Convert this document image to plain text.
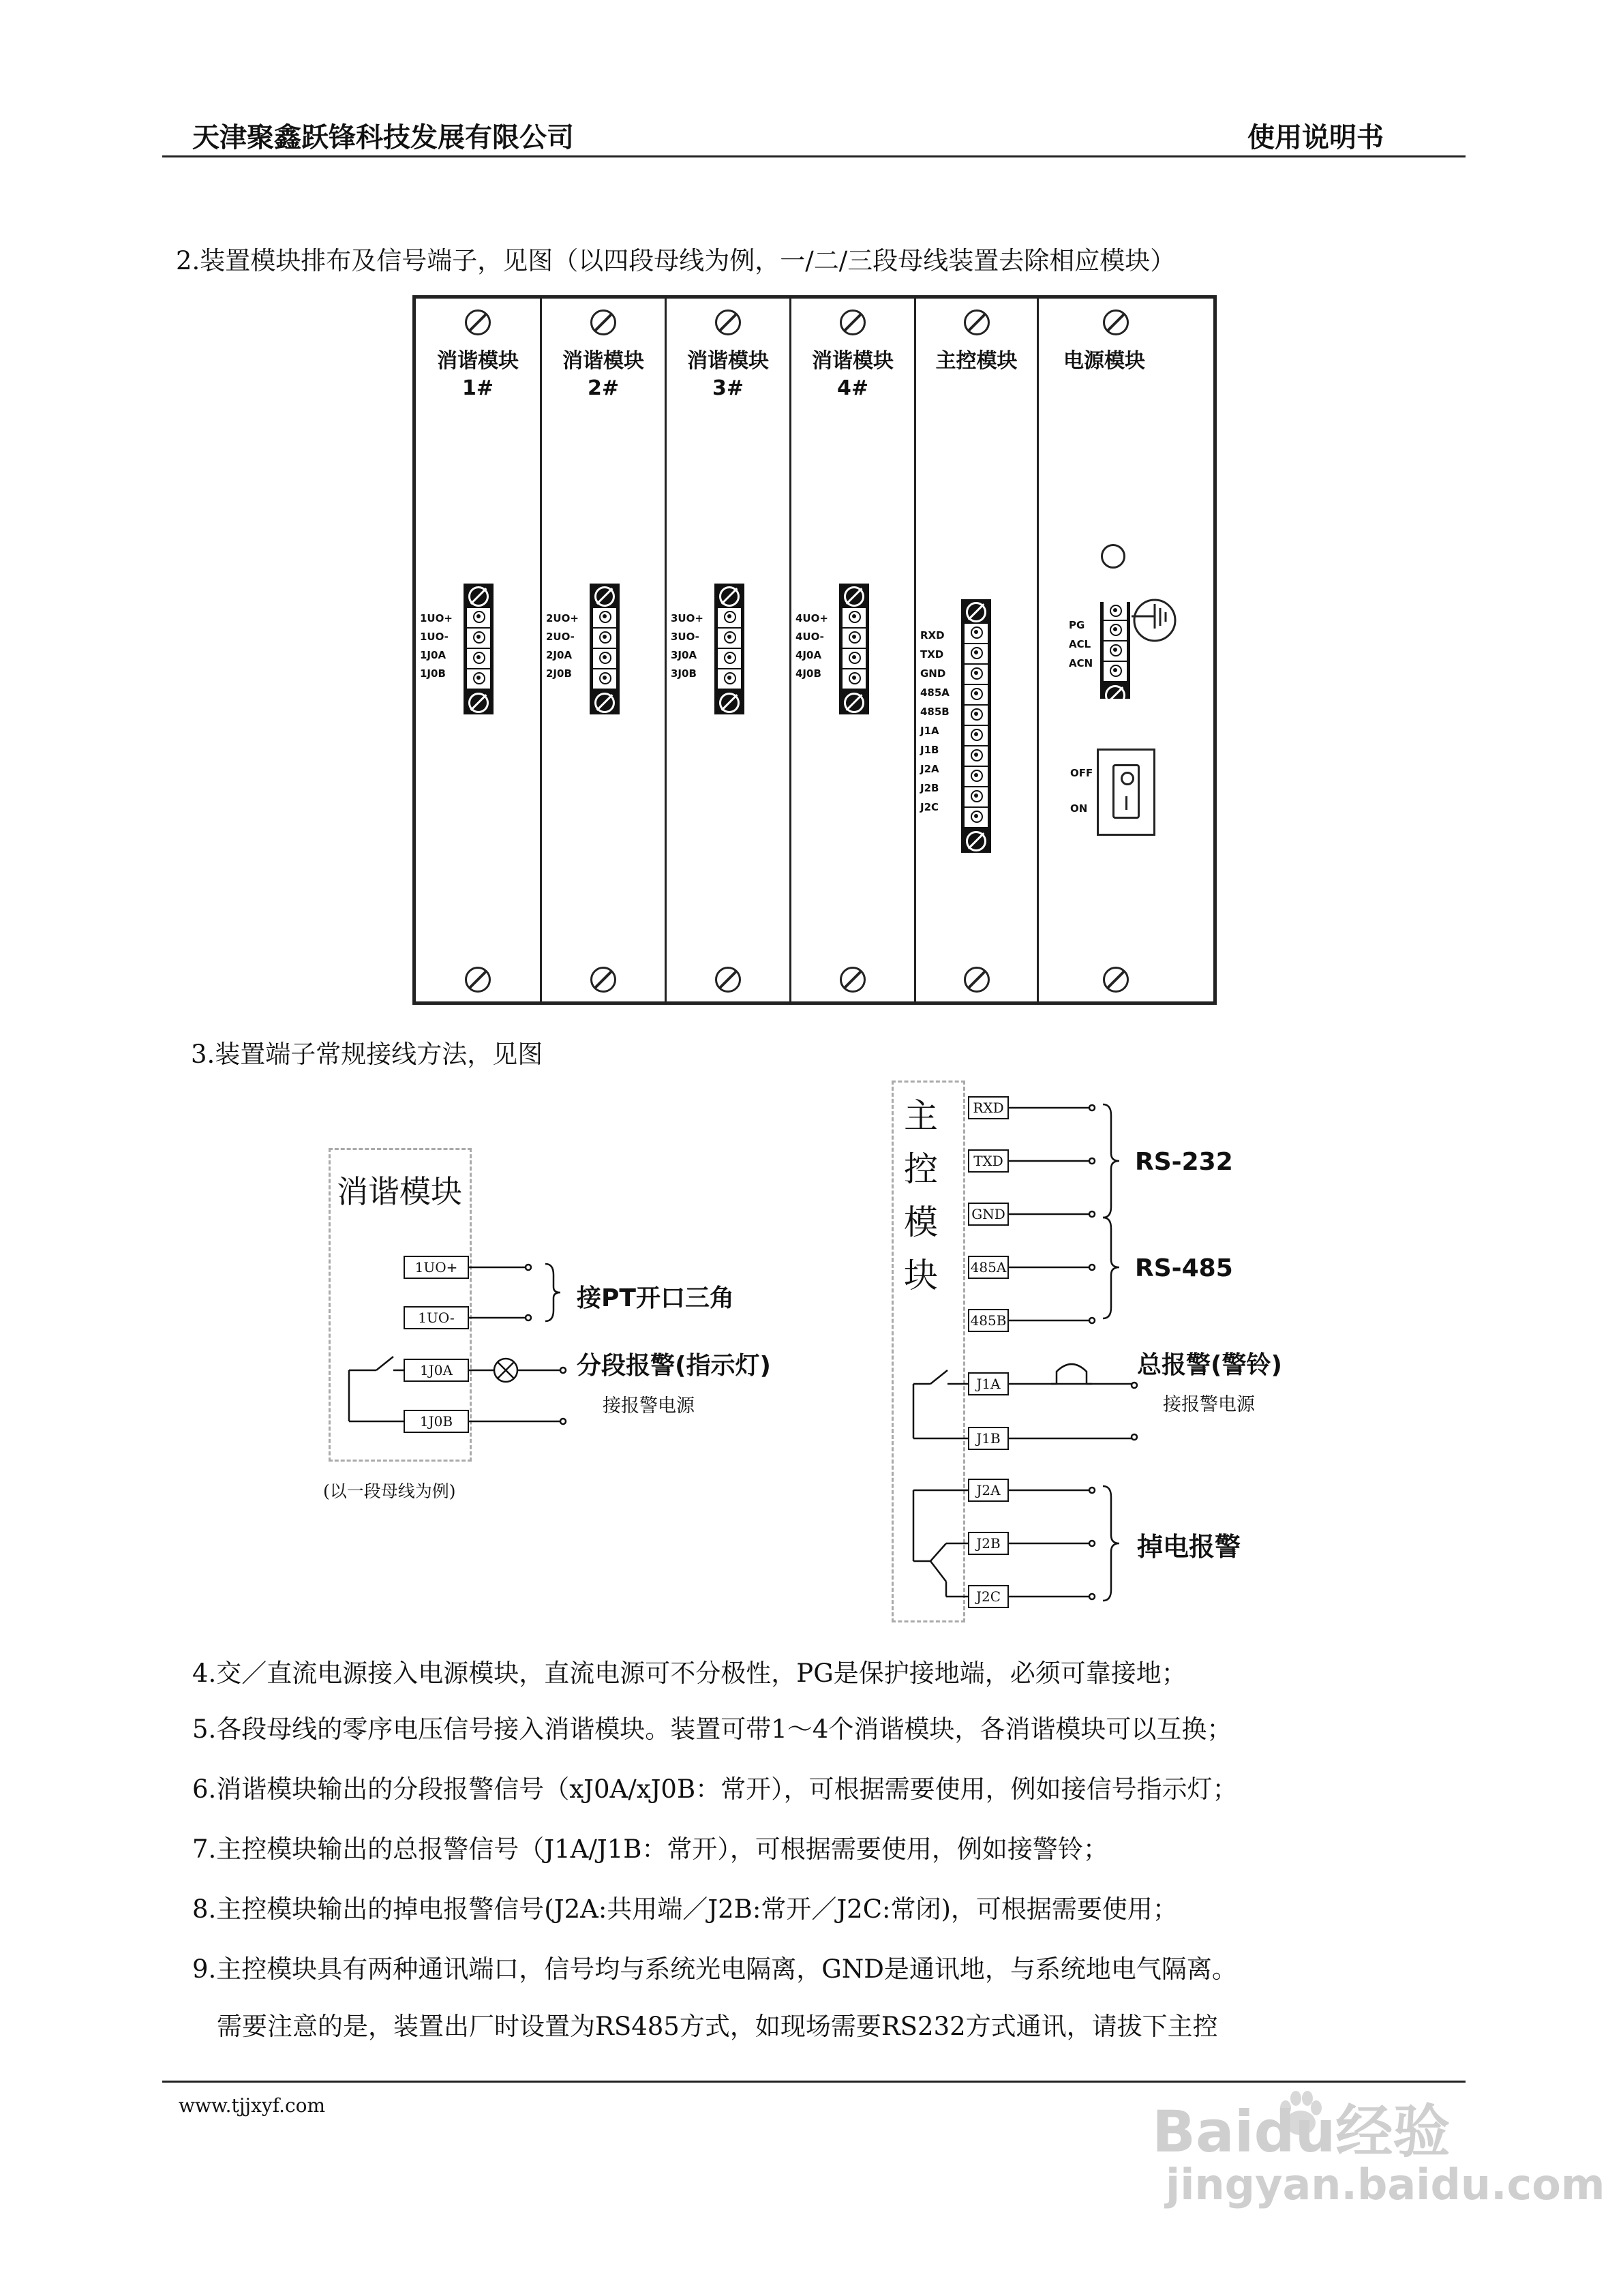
天津聚鑫跃锋科技发展有限公司	使用说明书
2.装置模块排布及信号端子，见图（以四段母线为例，一/二/三段母线装置去除相应模块）
消谐模块
1#
1UO+
1UO-
1J0A
1J0B
消谐模块
2#
2UO+
2UO-
2J0A
2J0B
消谐模块
3#
3UO+
3UO-
3J0A
3J0B
消谐模块
4#
4UO+
4UO-
4J0A
4J0B
主控模块
RXD
TXD
GND
485A
485B
J1A
J1B
J2A
J2B
J2C
电源模块
PG
ACL
ACN
OFF
ON
3.装置端子常规接线方法，见图
消谐模块
1UO+
1UO-
1J0A
1J0B
接PT开口三角
分段报警(指示灯)
接报警电源
(以一段母线为例)
主
控
模
块
RXD
TXD
GND
485A
485B
J1A
J1B
J2A
J2B
J2C
RS-232
RS-485
总报警(警铃)
接报警电源
掉电报警
4.交／直流电源接入电源模块，直流电源可不分极性，PG是保护接地端，必须可靠接地；
5.各段母线的零序电压信号接入消谐模块。装置可带1～4个消谐模块，各消谐模块可以互换；
6.消谐模块输出的分段报警信号（xJ0A/xJ0B：常开），可根据需要使用，例如接信号指示灯；
7.主控模块输出的总报警信号（J1A/J1B：常开），可根据需要使用，例如接警铃；
8.主控模块输出的掉电报警信号(J2A:共用端／J2B:常开／J2C:常闭)，可根据需要使用；
9.主控模块具有两种通讯端口，信号均与系统光电隔离，GND是通讯地，与系统地电气隔离。
需要注意的是，装置出厂时设置为RS485方式，如现场需要RS232方式通讯，请拔下主控
www.tjjxyf.com	Baidu经验
jingyan.baidu.com
